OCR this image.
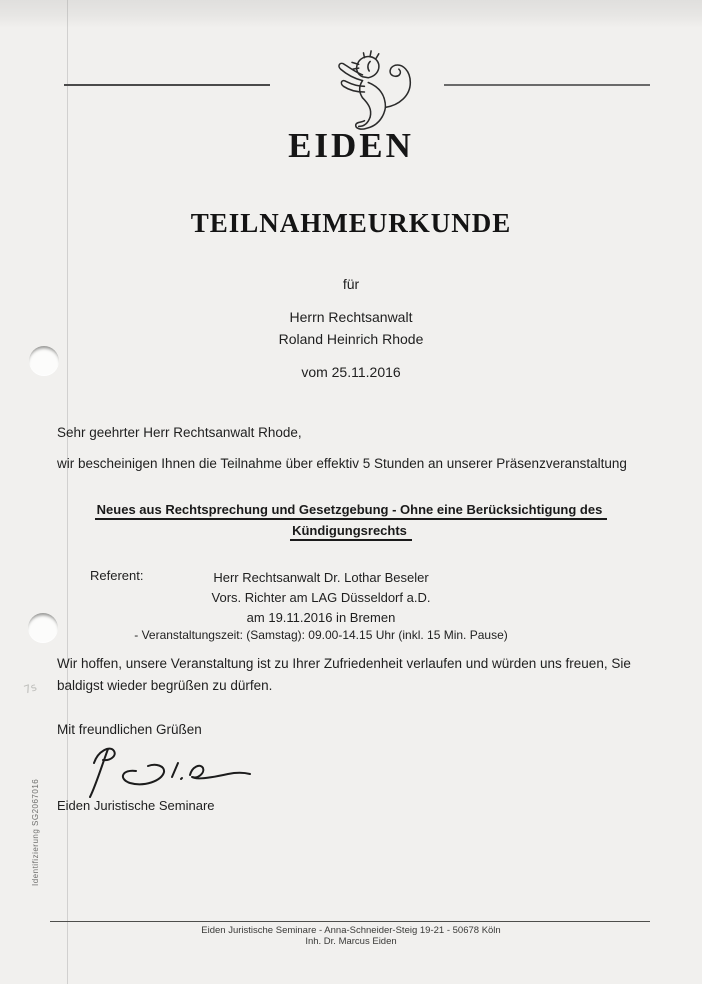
EIDEN
TEILNAHMEURKUNDE
für
Herrn Rechtsanwalt
Roland Heinrich Rhode
vom 25.11.2016
Sehr geehrter Herr Rechtsanwalt Rhode,
wir bescheinigen Ihnen die Teilnahme über effektiv 5 Stunden an unserer Präsenzveranstaltung
Neues aus Rechtsprechung und Gesetzgebung - Ohne eine Berücksichtigung des
Kündigungsrechts
Referent:	Herr Rechtsanwalt Dr. Lothar Beseler
Vors. Richter am LAG Düsseldorf a.D.
am 19.11.2016 in Bremen
- Veranstaltungszeit: (Samstag): 09.00-14.15 Uhr (inkl. 15 Min. Pause)
Wir hoffen, unsere Veranstaltung ist zu Ihrer Zufriedenheit verlaufen und würden uns freuen, Sie
baldigst wieder begrüßen zu dürfen.
Mit freundlichen Grüßen
Eiden Juristische Seminare
7s
Identifizierung SG2067016
Eiden Juristische Seminare - Anna-Schneider-Steig 19-21 - 50678 Köln
Inh. Dr. Marcus Eiden
